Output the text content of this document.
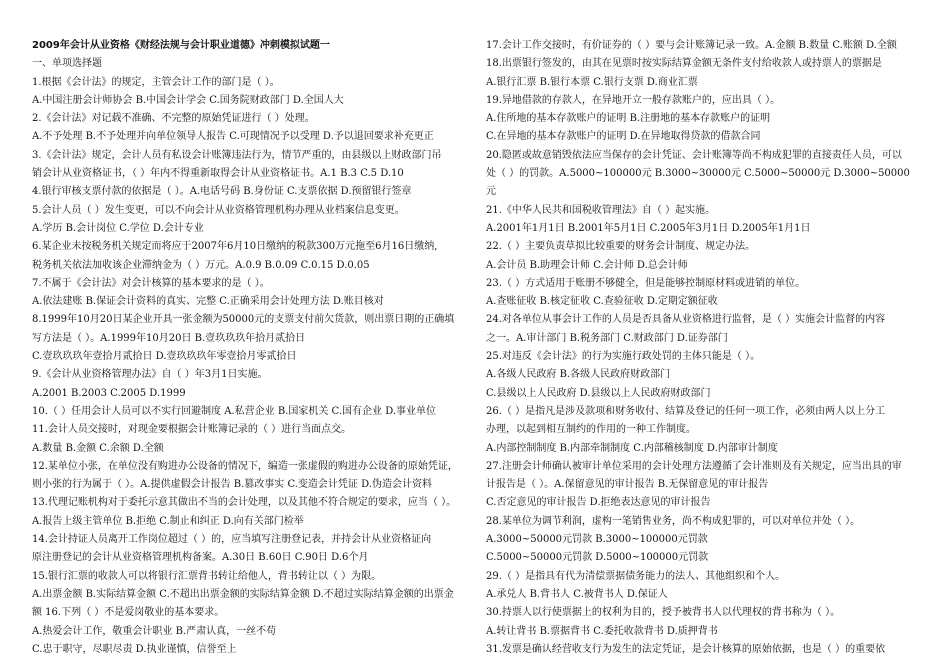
2009年会计从业资格《财经法规与会计职业道德》冲刺模拟试题一
一、单项选择题
1.根据《会计法》的规定，主管会计工作的部门是（ ）。
A.中国注册会计师协会 B.中国会计学会 C.国务院财政部门 D.全国人大
2.《会计法》对记载不准确、不完整的原始凭证进行（ ）处理。
A.不予处理 B.不予处理并向单位领导人报告 C.可现情况予以受理 D.予以退回要求补充更正
3.《会计法》规定，会计人员有私设会计账簿违法行为，情节严重的，由县级以上财政部门吊
销会计从业资格证书，（ ）年内不得重新取得会计从业资格证书。A.1 B.3 C.5 D.10
4.银行审核支票付款的依据是（ ）。A.电话号码 B.身份证 C.支票依据 D.预留银行签章
5.会计人员（ ）发生变更，可以不向会计从业资格管理机构办理从业档案信息变更。
A.学历 B.会计岗位 C.学位 D.会计专业
6.某企业未按税务机关规定而将应于2007年6月10日缴纳的税款300万元拖至6月16日缴纳,
税务机关依法加收该企业滞纳金为（ ）万元。A.0.9 B.0.09 C.0.15 D.0.05
7.不属于《会计法》对会计核算的基本要求的是（ ）。
A.依法建账 B.保证会计资料的真实、完整 C.正确采用会计处理方法 D.账目核对
8.1999年10月20日某企业开具一张金额为50000元的支票支付前欠货款，则出票日期的正确填
写方法是（ ）。A.1999年10月20日 B.壹玖玖玖年拾月贰拾日
C.壹玖玖玖年壹拾月贰拾日 D.壹玖玖玖年零壹拾月零贰拾日
9.《会计从业资格管理办法》自（ ）年3月1日实施。
A.2001 B.2003 C.2005 D.1999
10.（ ）任用会计人员可以不实行回避制度 A.私营企业 B.国家机关 C.国有企业 D.事业单位
11.会计人员交接时，对现金要根据会计账簿记录的（ ）进行当面点交。
A.数量 B.金额 C.余额 D.全额
12.某单位小张，在单位没有购进办公设备的情况下，编造一张虚假的购进办公设备的原始凭证，
则小张的行为属于（ ）。A.提供虚假会计报告 B.篡改事实 C.变造会计凭证 D.伪造会计资料
13.代理记账机构对于委托示意其做出不当的会计处理，以及其他不符合规定的要求，应当（ ）。
A.报告上级主管单位 B.拒绝 C.制止和纠正 D.向有关部门检举
14.会计持证人员离开工作岗位超过（ ）的，应当填写注册登记表，并持会计从业资格证向
原注册登记的会计从业资格管理机构备案。A.30日 B.60日 C.90日 D.6个月
15.银行汇票的收款人可以将银行汇票背书转让给他人，背书转让以（ ）为限。
A.出票金额 B.实际结算金额 C.不超出出票金额的实际结算金额 D.不超过实际结算金额的出票金
额 16.下列（ ）不是爱岗敬业的基本要求。
A.热爱会计工作，敬重会计职业 B.严肃认真，一丝不苟
C.忠于职守，尽职尽责 D.执业谨慎，信誉至上
17.会计工作交接时，有价证券的（ ）要与会计账簿记录一致。A.金额 B.数量 C.账额 D.全额
18.出票银行签发的，由其在见票时按实际结算金额无条件支付给收款人或持票人的票据是
A.银行汇票 B.银行本票 C.银行支票 D.商业汇票
19.异地借款的存款人，在异地开立一般存款账户的，应出具（ ）。
A.住所地的基本存款账户的证明 B.注册地的基本存款账户的证明
C.在异地的基本存款账户的证明 D.在异地取得贷款的借款合同
20.隐匿或故意销毁依法应当保存的会计凭证、会计账簿等尚不构成犯罪的直接责任人员，可以
处（ ）的罚款。A.5000~100000元 B.3000~30000元 C.5000~50000元 D.3000~50000
元
21.《中华人民共和国税收管理法》自（ ）起实施。
A.2001年1月1日 B.2001年5月1日 C.2005年3月1日 D.2005年1月1日
22.（ ）主要负责草拟比较重要的财务会计制度、规定办法。
A.会计员 B.助理会计师 C.会计师 D.总会计师
23.（ ）方式适用于账册不够健全，但是能够控制原材料或进销的单位。
A.查账征收 B.核定征收 C.查验征收 D.定期定额征收
24.对各单位从事会计工作的人员是否具备从业资格进行监督，是（ ）实施会计监督的内容
之一。A.审计部门 B.税务部门 C.财政部门 D.证券部门
25.对违反《会计法》的行为实施行政处罚的主体只能是（ ）。
A.各级人民政府 B.各级人民政府财政部门
C.县级以上人民政府 D.县级以上人民政府财政部门
26.（ ）是指凡是涉及款项和财务收付、结算及登记的任何一项工作，必须由两人以上分工
办理，以起到相互制约的作用的一种工作制度。
A.内部控制制度 B.内部牵制制度 C.内部稽核制度 D.内部审计制度
27.注册会计师确认被审计单位采用的会计处理方法遵循了会计准则及有关规定，应当出具的审
计报告是（ ）。A.保留意见的审计报告 B.无保留意见的审计报告
C.否定意见的审计报告 D.拒绝表达意见的审计报告
28.某单位为调节利润，虚构一笔销售业务，尚不构成犯罪的，可以对单位并处（ ）。
A.3000~50000元罚款 B.3000~100000元罚款
C.5000~50000元罚款 D.5000~100000元罚款
29.（ ）是指具有代为清偿票据债务能力的法人、其他组织和个人。
A.承兑人 B.背书人 C.被背书人 D.保证人
30.持票人以行使票据上的权利为目的，授予被背书人以代理权的背书称为（ ）。
A.转让背书 B.票据背书 C.委托收款背书 D.质押背书
31.发票是确认经营收支行为发生的法定凭证，是会计核算的原始依据，也是（ ）的重要依
